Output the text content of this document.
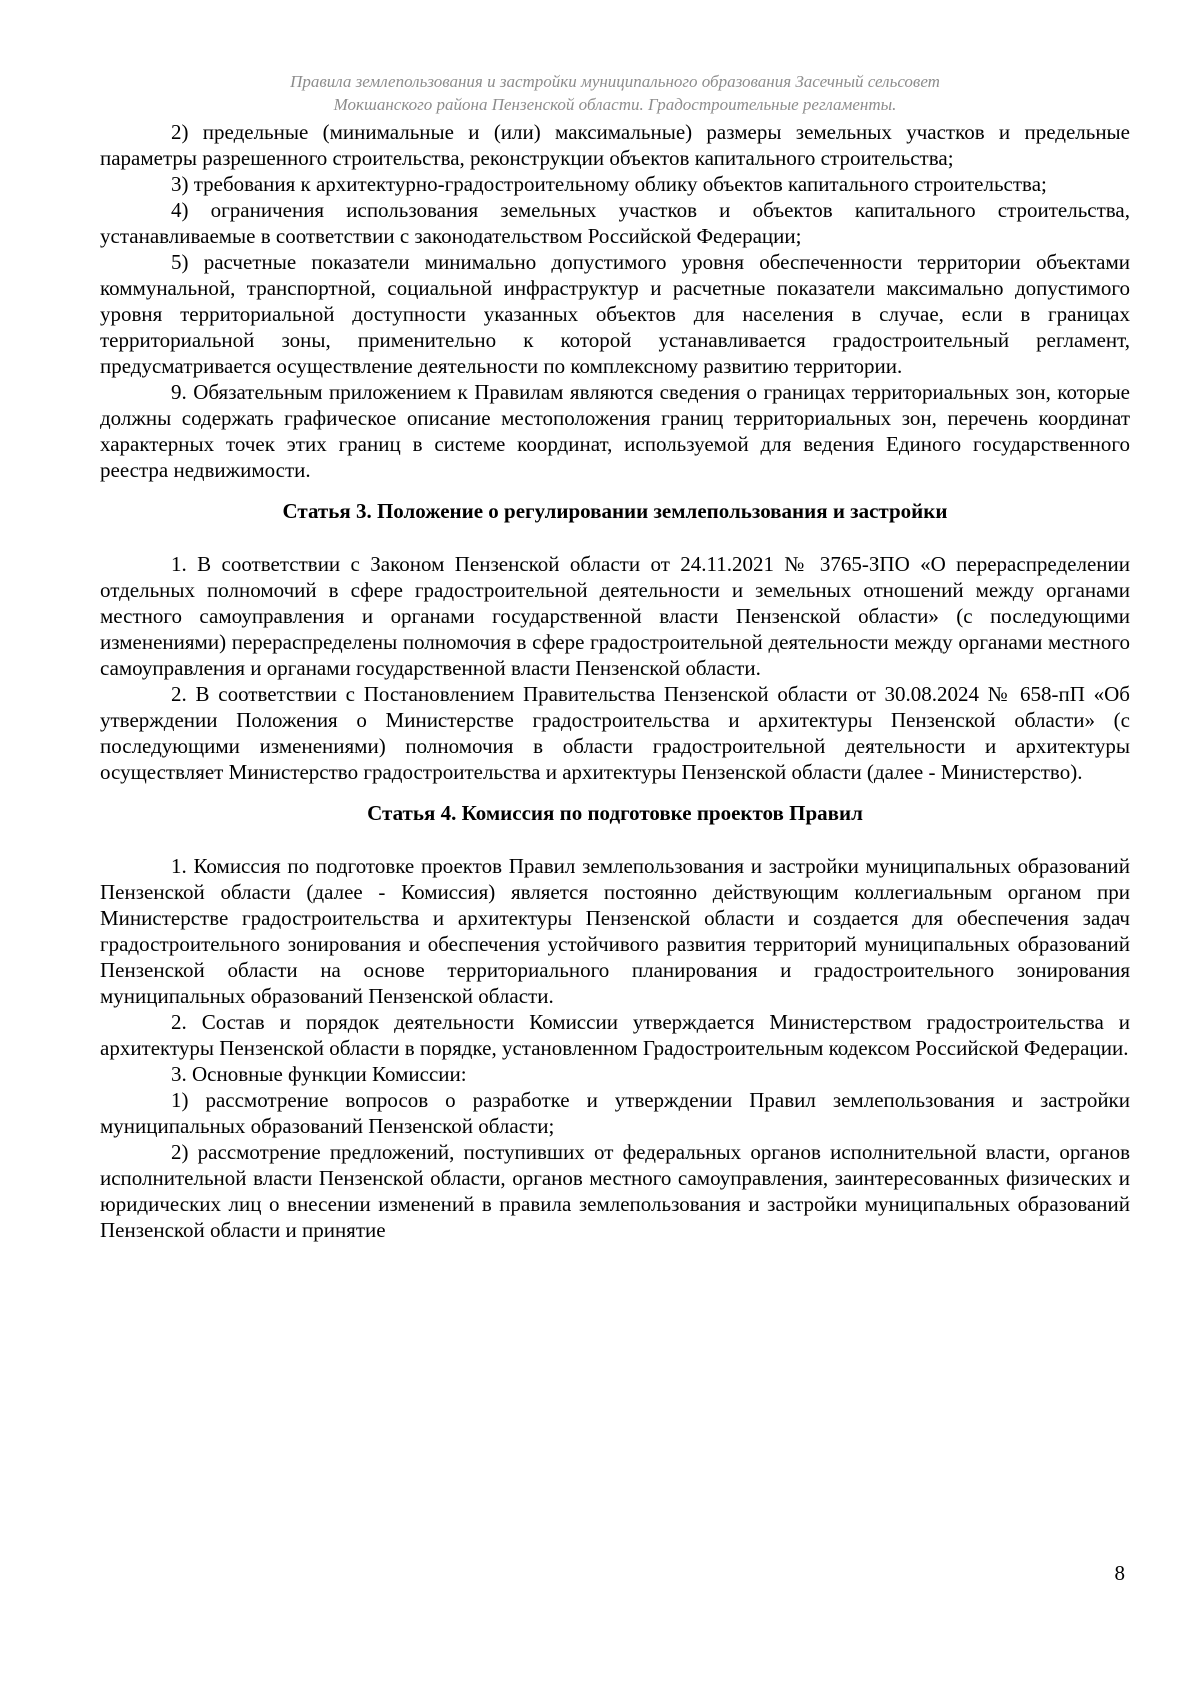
Правила землепользования и застройки муниципального образования Засечный сельсовет
Мокшанского района Пензенской области. Градостроительные регламенты.

2) предельные (минимальные и (или) максимальные) размеры земельных участков и предельные параметры разрешенного строительства, реконструкции объектов капитального строительства;

3) требования к архитектурно-градостроительному облику объектов капитального строительства;

4) ограничения использования земельных участков и объектов капитального строительства, устанавливаемые в соответствии с законодательством Российской Федерации;

5) расчетные показатели минимально допустимого уровня обеспеченности территории объектами коммунальной, транспортной, социальной инфраструктур и расчетные показатели максимально допустимого уровня территориальной доступности указанных объектов для населения в случае, если в границах территориальной зоны, применительно к которой устанавливается градостроительный регламент, предусматривается осуществление деятельности по комплексному развитию территории.

9. Обязательным приложением к Правилам являются сведения о границах территориальных зон, которые должны содержать графическое описание местоположения границ территориальных зон, перечень координат характерных точек этих границ в системе координат, используемой для ведения Единого государственного реестра недвижимости.

Статья 3. Положение о регулировании землепользования и застройки

1. В соответствии с Законом Пензенской области от 24.11.2021 № 3765-ЗПО «О перераспределении отдельных полномочий в сфере градостроительной деятельности и земельных отношений между органами местного самоуправления и органами государственной власти Пензенской области» (с последующими изменениями) перераспределены полномочия в сфере градостроительной деятельности между органами местного самоуправления и органами государственной власти Пензенской области.

2. В соответствии с Постановлением Правительства Пензенской области от 30.08.2024 № 658-пП «Об утверждении Положения о Министерстве градостроительства и архитектуры Пензенской области» (с последующими изменениями) полномочия в области градостроительной деятельности и архитектуры осуществляет Министерство градостроительства и архитектуры Пензенской области (далее - Министерство).

Статья 4. Комиссия по подготовке проектов Правил

1. Комиссия по подготовке проектов Правил землепользования и застройки муниципальных образований Пензенской области (далее - Комиссия) является постоянно действующим коллегиальным органом при Министерстве градостроительства и архитектуры Пензенской области и создается для обеспечения задач градостроительного зонирования и обеспечения устойчивого развития территорий муниципальных образований Пензенской области на основе территориального планирования и градостроительного зонирования муниципальных образований Пензенской области.

2. Состав и порядок деятельности Комиссии утверждается Министерством градостроительства и архитектуры Пензенской области в порядке, установленном Градостроительным кодексом Российской Федерации.

3. Основные функции Комиссии:

1) рассмотрение вопросов о разработке и утверждении Правил землепользования и застройки муниципальных образований Пензенской области;

2) рассмотрение предложений, поступивших от федеральных органов исполнительной власти, органов исполнительной власти Пензенской области, органов местного самоуправления, заинтересованных физических и юридических лиц о внесении изменений в правила землепользования и застройки муниципальных образований Пензенской области и принятие

8
